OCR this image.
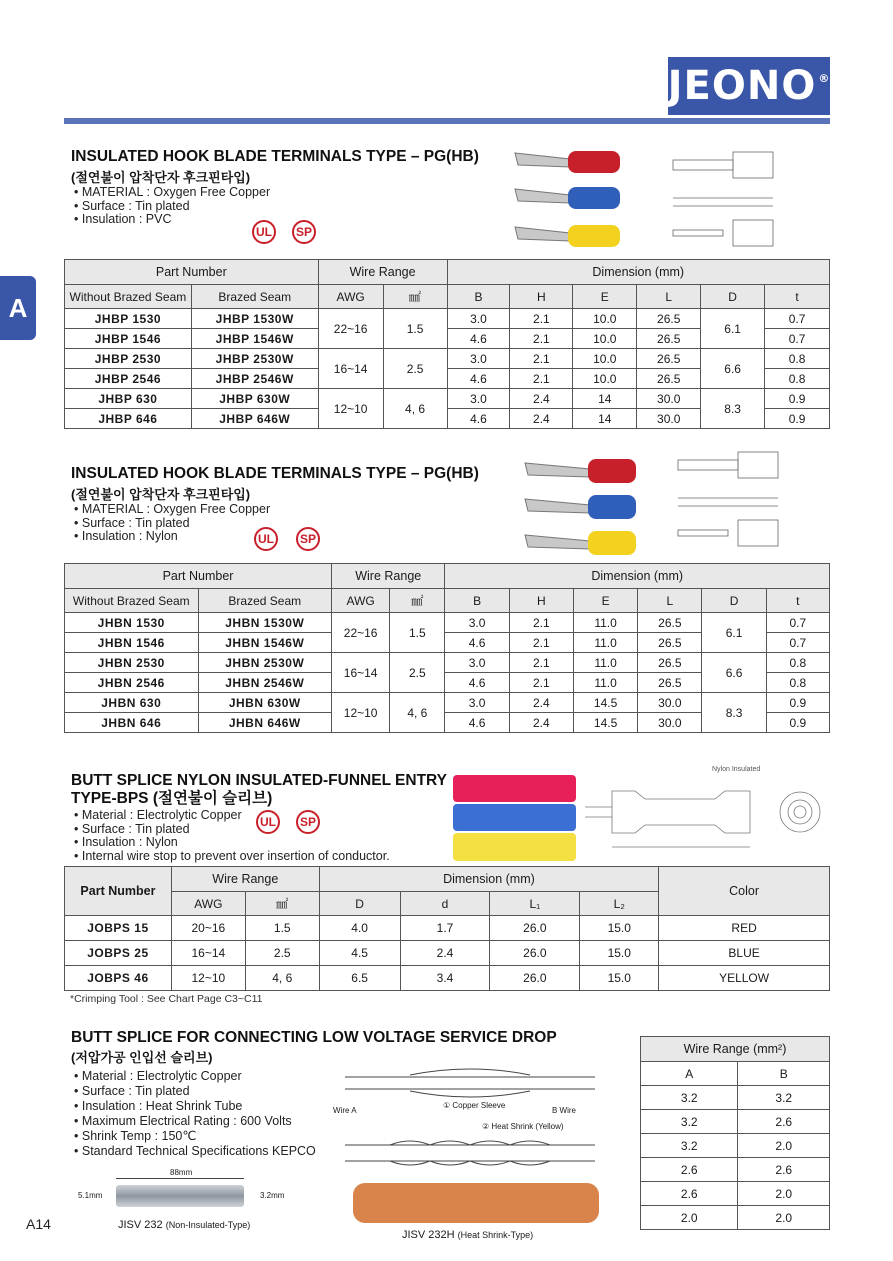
JEONO®
A
INSULATED HOOK BLADE TERMINALS TYPE – PG(HB)
(절연불이 압착단자 후크핀타입)
• MATERIAL : Oxygen Free Copper
• Surface : Tin plated
• Insulation : PVC
UL	SP
Part Number		Wire Range		Dimension (mm)					
Without Brazed Seam	Brazed Seam	AWG	㎟	B	H	E	L	D	t
JHBP 1530	JHBP 1530W	22~16	1.5	3.0	2.1	10.0	26.5	6.1	0.7
JHBP 1546	JHBP 1546W			4.6	2.1	10.0	26.5		0.7
JHBP 2530	JHBP 2530W	16~14	2.5	3.0	2.1	10.0	26.5	6.6	0.8
JHBP 2546	JHBP 2546W			4.6	2.1	10.0	26.5		0.8
JHBP 630	JHBP 630W	12~10	4, 6	3.0	2.4	14	30.0	8.3	0.9
JHBP 646	JHBP 646W			4.6	2.4	14	30.0		0.9
INSULATED HOOK BLADE TERMINALS TYPE – PG(HB)
(절연불이 압착단자 후크핀타입)
• MATERIAL : Oxygen Free Copper
• Surface : Tin plated
• Insulation : Nylon	UL	SP
Part Number		Wire Range		Dimension (mm)					
Without Brazed Seam	Brazed Seam	AWG	㎟	B	H	E	L	D	t
JHBN 1530	JHBN 1530W	22~16	1.5	3.0	2.1	11.0	26.5	6.1	0.7
JHBN 1546	JHBN 1546W			4.6	2.1	11.0	26.5		0.7
JHBN 2530	JHBN 2530W	16~14	2.5	3.0	2.1	11.0	26.5	6.6	0.8
JHBN 2546	JHBN 2546W			4.6	2.1	11.0	26.5		0.8
JHBN 630	JHBN 630W	12~10	4, 6	3.0	2.4	14.5	30.0	8.3	0.9
JHBN 646	JHBN 646W			4.6	2.4	14.5	30.0		0.9
BUTT SPLICE NYLON INSULATED-FUNNEL ENTRY
TYPE-BPS (절연불이 슬리브)
• Material : Electrolytic Copper
• Surface : Tin plated
• Insulation : Nylon
• Internal wire stop to prevent over insertion of conductor.
UL	SP
Nylon Insulated
Part Number	Wire Range		Dimension (mm)				Color
	AWG	㎟	D	d	L₁	L₂	
JOBPS 15	20~16	1.5	4.0	1.7	26.0	15.0	RED
JOBPS 25	16~14	2.5	4.5	2.4	26.0	15.0	BLUE
JOBPS 46	12~10	4, 6	6.5	3.4	26.0	15.0	YELLOW
*Crimping Tool : See Chart Page C3~C11
BUTT SPLICE FOR CONNECTING LOW VOLTAGE SERVICE DROP
(저압가공 인입선 슬리브)
• Material : Electrolytic Copper
• Surface : Tin plated
• Insulation : Heat Shrink Tube
• Maximum Electrical Rating : 600 Volts
• Shrink Temp : 150℃
• Standard Technical Specifications KEPCO
Wire A
① Copper Sleeve
B Wire
② Heat Shrink (Yellow)
JISV 232H (Heat Shrink-Type)
88mm
5.1mm	3.2mm
JISV 232 (Non-Insulated-Type)
Wire Range (mm²)	
A	B
3.2	3.2
3.2	2.6
3.2	2.0
2.6	2.6
2.6	2.0
2.0	2.0
A14
